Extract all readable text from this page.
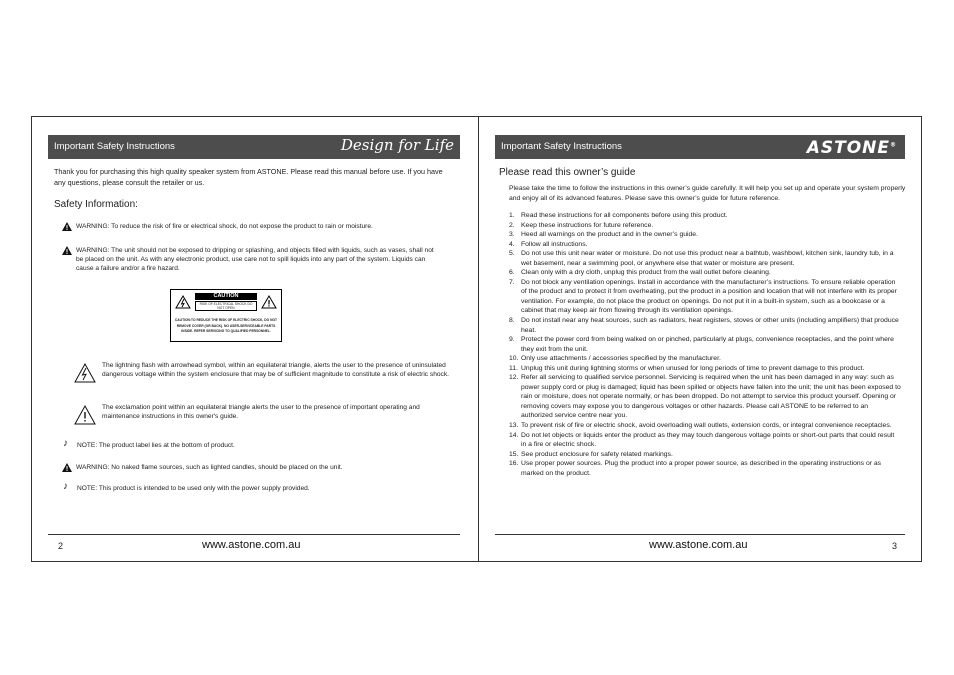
Important Safety Instructions	Design for Life
Thank you for purchasing this high quality speaker system from ASTONE. Please read this manual before use. If you have any questions, please consult the retailer or us.
Safety Information:
WARNING: To reduce the risk of fire or electrical shock, do not expose the product to rain or moisture.
WARNING: The unit should not be exposed to dripping or splashing, and objects filled with liquids, such as vases, shall not be placed on the unit. As with any electronic product, use care not to spill liquids into any part of the system. Liquids can cause a failure and/or a fire hazard.
CAUTION
RISK OF ELECTRICAL SHOCK DO NOT OPEN
CAUTION:TO REDUCE THE RISK OF ELECTRIC SHOCK, DO NOT REMOVE COVER (OR BACK). NO USER-SERVICEABLE PARTS INSIDE. REFER SERVICING TO QUALIFIED PERSONNEL.
The lightning flash with arrowhead symbol, within an equilateral triangle, alerts the user to the presence of uninsulated dangerous voltage within the system enclosure that may be of sufficient magnitude to constitute a risk of electric shock.
The exclamation point within an equilateral triangle alerts the user to the presence of important operating and maintenance instructions in this owner's guide.
♪ NOTE: The product label lies at the bottom of product.
WARNING: No naked flame sources, such as lighted candles, should be placed on the unit.
♪ NOTE: This product is intended to be used only with the power supply provided.
2	www.astone.com.au
Important Safety Instructions	ASTONE®
Please read this owner’s guide
Please take the time to follow the instructions in this owner’s guide carefully. It will help you set up and operate your system properly and enjoy all of its advanced features. Please save this owner’s guide for future reference.
1. Read these instructions for all components before using this product.
2. Keep these instructions for future reference.
3. Heed all warnings on the product and in the owner’s guide.
4. Follow all instructions.
5. Do not use this unit near water or moisture. Do not use this product near a bathtub, washbowl, kitchen sink, laundry tub, in a wet basement, near a swimming pool, or anywhere else that water or moisture are present.
6. Clean only with a dry cloth, unplug this product from the wall outlet before cleaning.
7. Do not block any ventilation openings. Install in accordance with the manufacturer’s instructions. To ensure reliable operation of the product and to protect it from overheating, put the product in a position and location that will not interfere with its proper ventilation. For example, do not place the product on openings. Do not put it in a built-in system, such as a bookcase or a cabinet that may keep air from flowing through its ventilation openings.
8. Do not install near any heat sources, such as radiators, heat registers, stoves or other units (including amplifiers) that produce heat.
9. Protect the power cord from being walked on or pinched, particularly at plugs, convenience receptacles, and the point where they exit from the unit.
10. Only use attachments / accessories specified by the manufacturer.
11. Unplug this unit during lightning storms or when unused for long periods of time to prevent damage to this product.
12. Refer all servicing to qualified service personnel. Servicing is required when the unit has been damaged in any way: such as power supply cord or plug is damaged; liquid has been spilled or objects have fallen into the unit; the unit has been exposed to rain or moisture, does not operate normally, or has been dropped. Do not attempt to service this product yourself. Opening or removing covers may expose you to dangerous voltages or other hazards. Please call ASTONE to be referred to an authorized service centre near you.
13. To prevent risk of fire or electric shock, avoid overloading wall outlets, extension cords, or integral convenience receptacles.
14. Do not let objects or liquids enter the product as they may touch dangerous voltage points or short-out parts that could result in a fire or electric shock.
15. See product enclosure for safety related markings.
16. Use proper power sources. Plug the product into a proper power source, as described in the operating instructions or as marked on the product.
www.astone.com.au	3
